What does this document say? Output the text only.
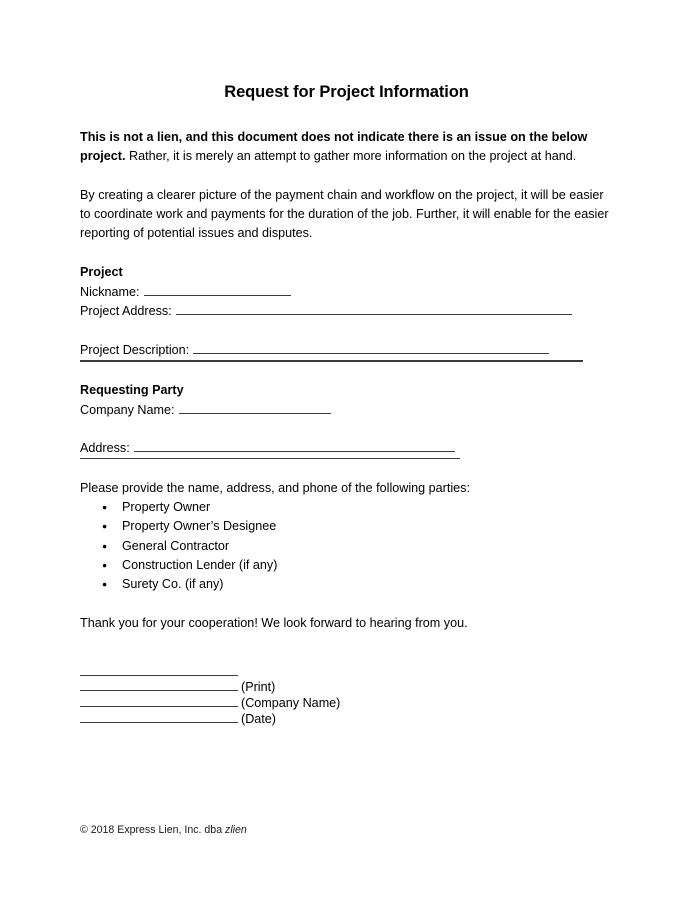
Request for Project Information

This is not a lien, and this document does not indicate there is an issue on the below project. Rather, it is merely an attempt to gather more information on the project at hand.

By creating a clearer picture of the payment chain and workflow on the project, it will be easier to coordinate work and payments for the duration of the job. Further, it will enable for the easier reporting of potential issues and disputes.

Project
Nickname:
Project Address:
Project Description:
Requesting Party
Company Name:
Address:
Please provide the name, address, and phone of the following parties:
● Property Owner
● Property Owner’s Designee
● General Contractor
● Construction Lender (if any)
● Surety Co. (if any)
Thank you for your cooperation! We look forward to hearing from you.
(Print)
(Company Name)
(Date)
© 2018 Express Lien, Inc. dba zlien
